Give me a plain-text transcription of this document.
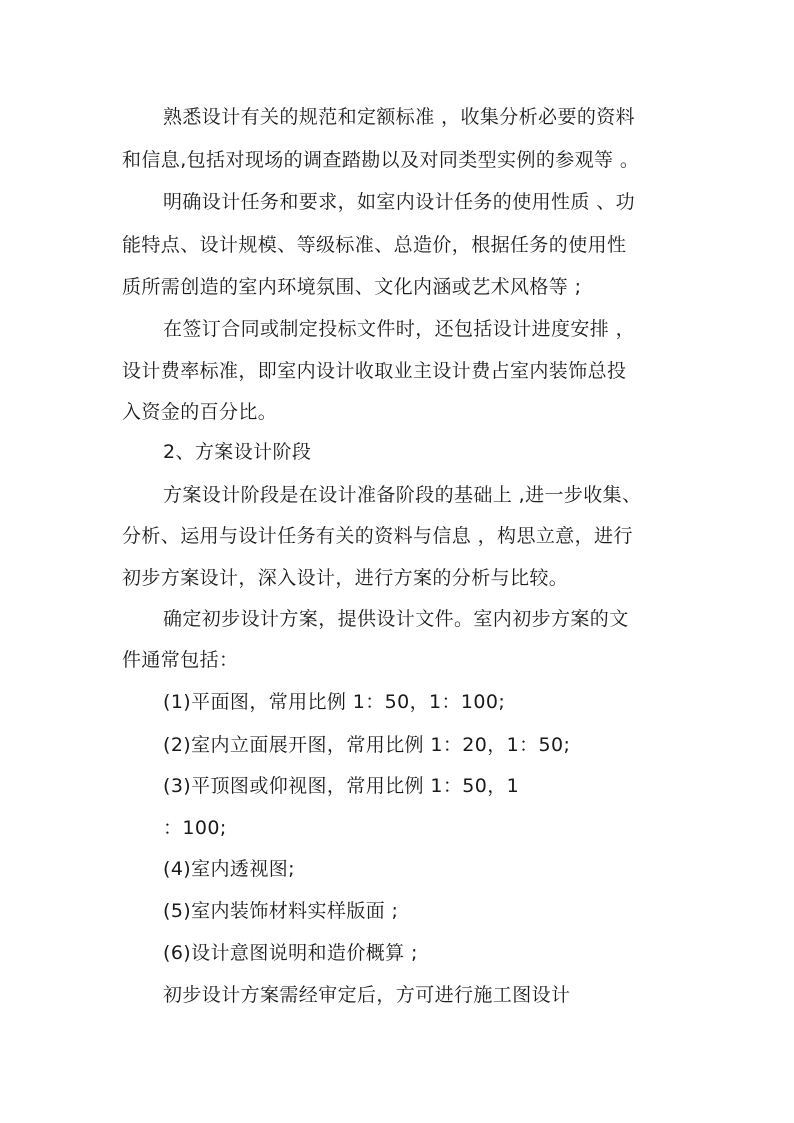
熟悉设计有关的规范和定额标准 ，收集分析必要的资料

和信息,包括对现场的调查踏勘以及对同类型实例的参观等 。

明确设计任务和要求，如室内设计任务的使用性质 、功

能特点、设计规模、等级标准、总造价，根据任务的使用性

质所需创造的室内环境氛围、文化内涵或艺术风格等 ;

在签订合同或制定投标文件时，还包括设计进度安排 ，

设计费率标准，即室内设计收取业主设计费占室内装饰总投

入资金的百分比。

2、方案设计阶段

方案设计阶段是在设计准备阶段的基础上 ,进一步收集、

分析、运用与设计任务有关的资料与信息 ，构思立意，进行

初步方案设计，深入设计，进行方案的分析与比较。

确定初步设计方案，提供设计文件。室内初步方案的文

件通常包括：

(1)平面图，常用比例 1：50，1：100;

(2)室内立面展开图，常用比例 1：20，1：50;

(3)平顶图或仰视图，常用比例 1：50，1

：100;

(4)室内透视图;

(5)室内装饰材料实样版面 ;

(6)设计意图说明和造价概算 ;

初步设计方案需经审定后，方可进行施工图设计
